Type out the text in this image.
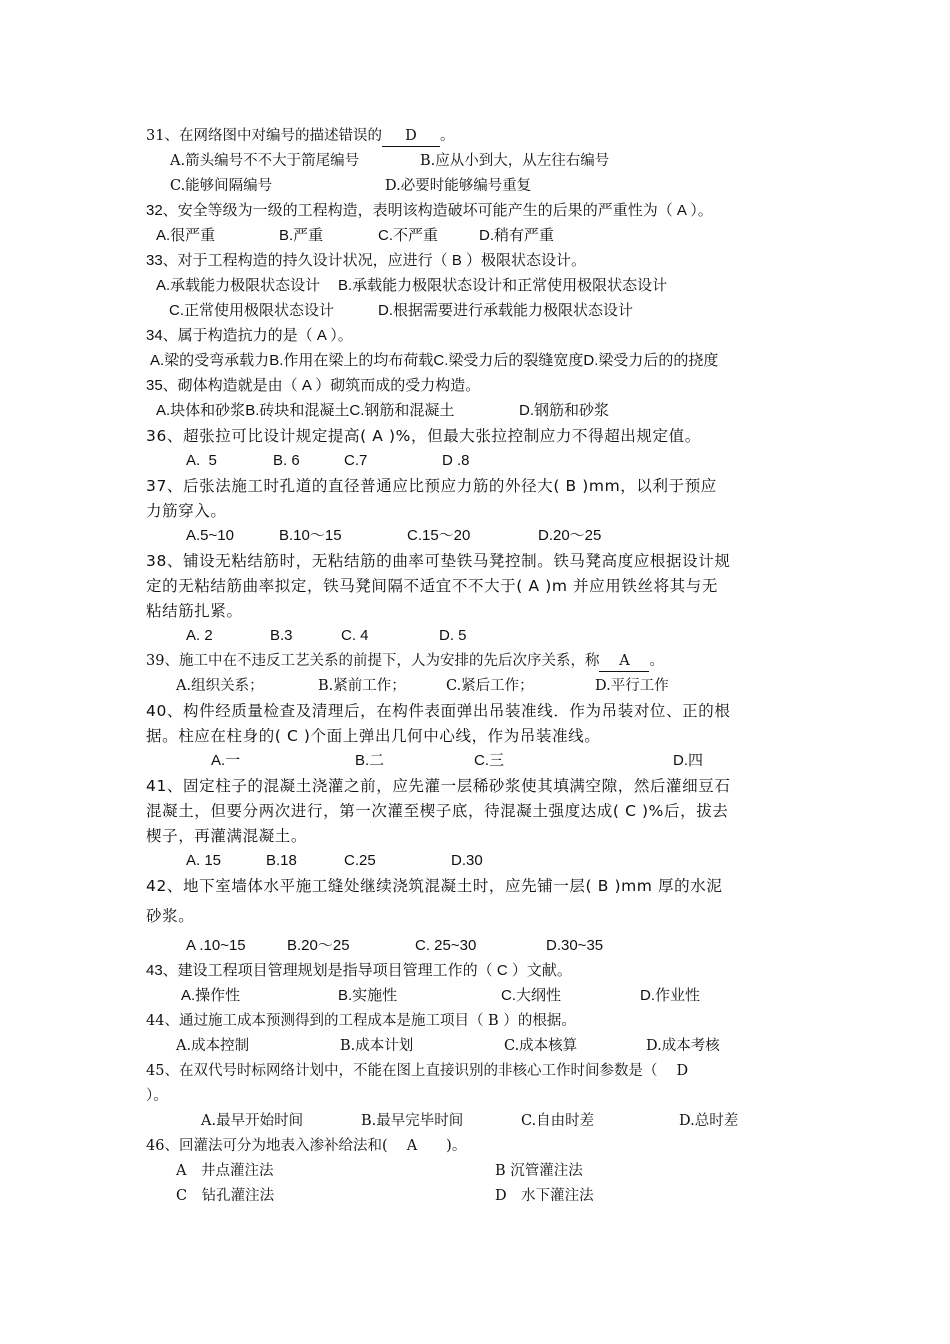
31、在网络图中对编号的描述错误的 D 。
A.箭头编号不不大于箭尾编号	B.应从小到大，从左往右编号
C.能够间隔编号	D.必要时能够编号重复
32、安全等级为一级的工程构造，表明该构造破坏可能产生的后果的严重性为（ A ）。
A.很严重	B.严重	C.不严重	D.稍有严重
33、对于工程构造的持久设计状况，应进行（ B ）极限状态设计。
A.承载能力极限状态设计 B.承载能力极限状态设计和正常使用极限状态设计
C.正常使用极限状态设计	D.根据需要进行承载能力极限状态设计
34、属于构造抗力的是（ A ）。
A.梁的受弯承载力B.作用在梁上的均布荷载C.梁受力后的裂缝宽度D.梁受力后的的挠度
35、砌体构造就是由（ A ）砌筑而成的受力构造。
A.块体和砂浆B.砖块和混凝土C.钢筋和混凝土	D.钢筋和砂浆
36、超张拉可比设计规定提高( A )%，但最大张拉控制应力不得超出规定值。
A.  5	B. 6	C.7	D .8
37、后张法施工时孔道的直径普通应比预应力筋的外径大( B )mm，以利于预应
力筋穿入。
A.5~10	B.10～15	C.15～20	D.20～25
38、铺设无粘结筋时，无粘结筋的曲率可垫铁马凳控制。铁马凳高度应根据设计规
定的无粘结筋曲率拟定，铁马凳间隔不适宜不不大于( A )m 并应用铁丝将其与无
粘结筋扎紧。
A. 2	B.3	C. 4	D. 5
39、施工中在不违反工艺关系的前提下，人为安排的先后次序关系，称 A 。
A.组织关系；	B.紧前工作；	C.紧后工作；	D.平行工作
40、构件经质量检查及清理后，在构件表面弹出吊装准线．作为吊装对位、正的根
据。柱应在柱身的( C )个面上弹出几何中心线，作为吊装准线。
A.一	B.二	C.三	D.四
41、固定柱子的混凝土浇灌之前，应先灌一层稀砂浆使其填满空隙，然后灌细豆石
混凝土，但要分两次进行，第一次灌至楔子底，待混凝土强度达成( C )%后，拔去
楔子，再灌满混凝土。
A. 15	B.18	C.25	D.30
42、地下室墙体水平施工缝处继续浇筑混凝土时，应先铺一层( B )mm 厚的水泥
砂浆。
A .10~15	B.20～25	C. 25~30	D.30~35
43、建设工程项目管理规划是指导项目管理工作的（ C ）文献。
A.操作性	B.实施性	C.大纲性	D.作业性
44、通过施工成本预测得到的工程成本是施工项目（ B ）的根据。
A.成本控制	B.成本计划	C.成本核算	D.成本考核
45、在双代号时标网络计划中，不能在图上直接识别的非核心工作时间参数是（　 D
）。
A.最早开始时间	B.最早完毕时间	C.自由时差	D.总时差
46、回灌法可分为地表入渗补给法和(　 A　　)。
A　井点灌注法	B 沉管灌注法
C　钻孔灌注法	D　水下灌注法
